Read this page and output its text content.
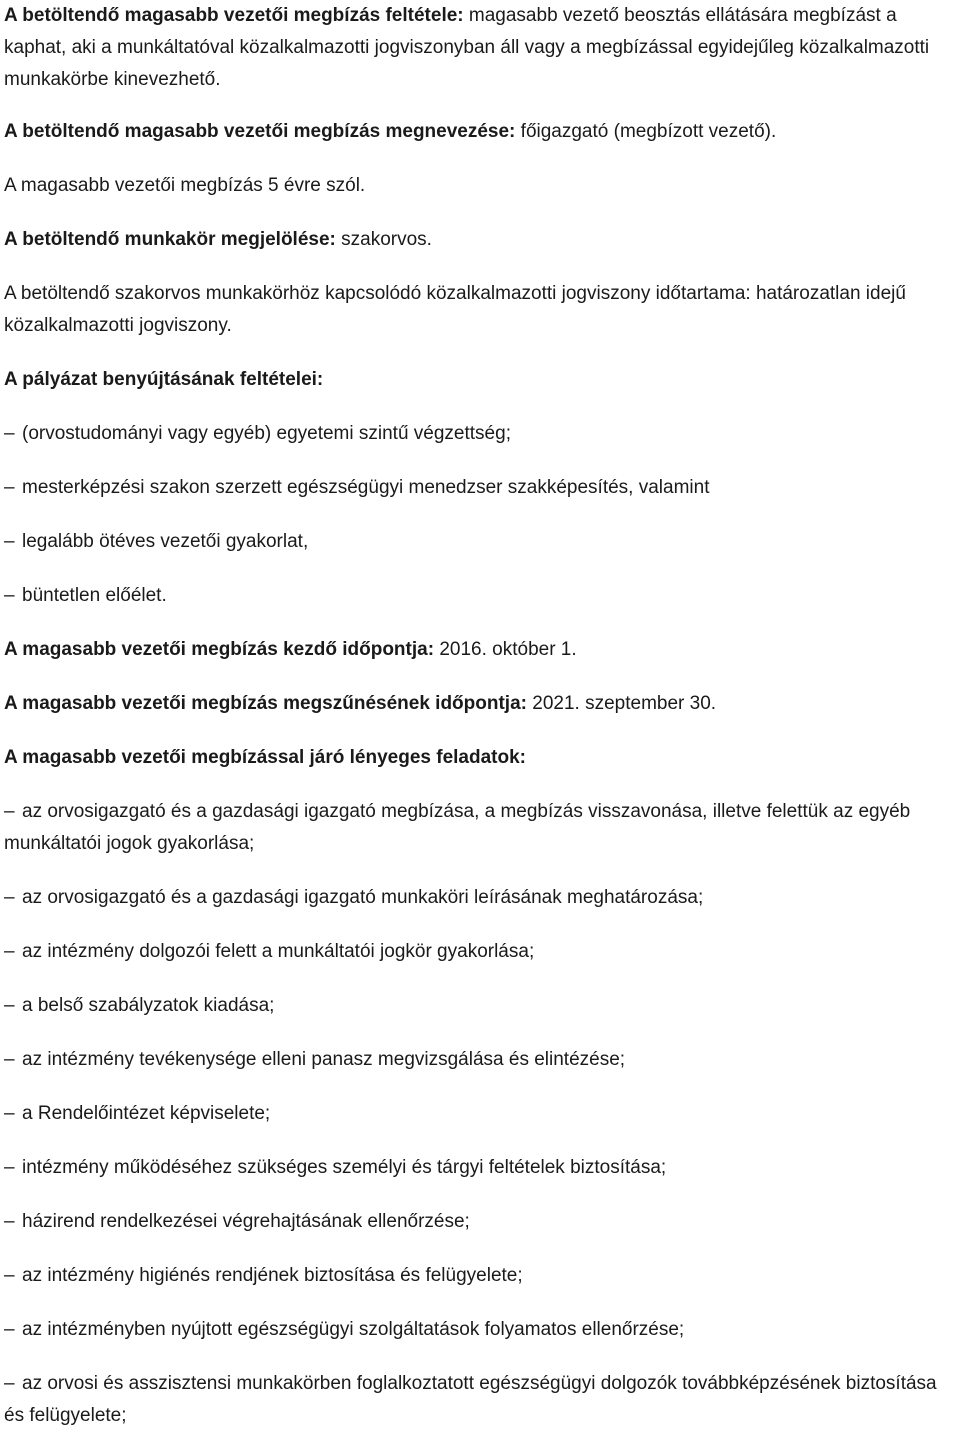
A betöltendő magasabb vezetői megbízás feltétele: magasabb vezető beosztás ellátására megbízást a kaphat, aki a munkáltatóval közalkalmazotti jogviszonyban áll vagy a megbízással egyidejűleg közalkalmazotti munkakörbe kinevezhető.

A betöltendő magasabb vezetői megbízás megnevezése: főigazgató (megbízott vezető).

A magasabb vezetői megbízás 5 évre szól.

A betöltendő munkakör megjelölése: szakorvos.

A betöltendő szakorvos munkakörhöz kapcsolódó közalkalmazotti jogviszony időtartama: határozatlan idejű közalkalmazotti jogviszony.

A pályázat benyújtásának feltételei:

– (orvostudományi vagy egyéb) egyetemi szintű végzettség;

– mesterképzési szakon szerzett egészségügyi menedzser szakképesítés, valamint

– legalább ötéves vezetői gyakorlat,

– büntetlen előélet.

A magasabb vezetői megbízás kezdő időpontja: 2016. október 1.

A magasabb vezetői megbízás megszűnésének időpontja: 2021. szeptember 30.

A magasabb vezetői megbízással járó lényeges feladatok:

– az orvosigazgató és a gazdasági igazgató megbízása, a megbízás visszavonása, illetve felettük az egyéb munkáltatói jogok gyakorlása;

– az orvosigazgató és a gazdasági igazgató munkaköri leírásának meghatározása;

– az intézmény dolgozói felett a munkáltatói jogkör gyakorlása;

– a belső szabályzatok kiadása;

– az intézmény tevékenysége elleni panasz megvizsgálása és elintézése;

– a Rendelőintézet képviselete;

– intézmény működéséhez szükséges személyi és tárgyi feltételek biztosítása;

– házirend rendelkezései végrehajtásának ellenőrzése;

– az intézmény higiénés rendjének biztosítása és felügyelete;

– az intézményben nyújtott egészségügyi szolgáltatások folyamatos ellenőrzése;

– az orvosi és asszisztensi munkakörben foglalkoztatott egészségügyi dolgozók továbbképzésének biztosítása és felügyelete;
